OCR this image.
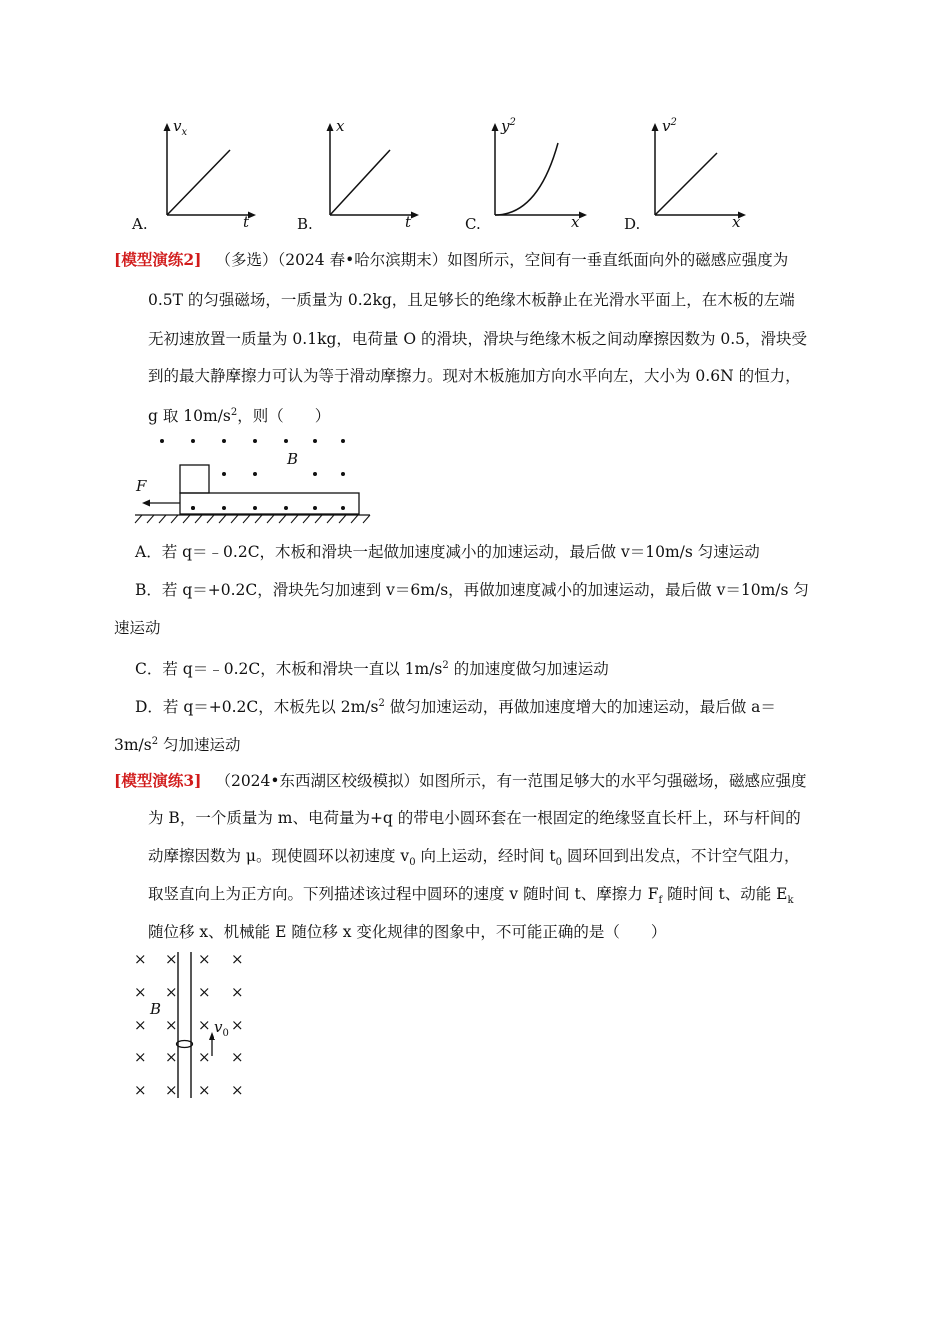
A.
$v_x$
t	B.
x
t	C.
$y^2$
x	D.
$v^2$
x
[模型演练2] （多选）（2024 春•哈尔滨期末）如图所示，空间有一垂直纸面向外的磁感应强度为
0.5T 的匀强磁场，一质量为 0.2kg，且足够长的绝缘木板静止在光滑水平面上，在木板的左端
无初速放置一质量为 0.1kg，电荷量 O 的滑块，滑块与绝缘木板之间动摩擦因数为 0.5，滑块受
到的最大静摩擦力可认为等于滑动摩擦力。现对木板施加方向水平向左，大小为 0.6N 的恒力，
g 取 $10m/s^2$，则（　　）
B
F
A．若 q＝﹣0.2C，木板和滑块一起做加速度减小的加速运动，最后做 v＝10m/s 匀速运动
B．若 q＝+0.2C，滑块先匀加速到 v＝6m/s，再做加速度减小的加速运动，最后做 v＝10m/s 匀
速运动
C．若 q＝﹣0.2C，木板和滑块一直以 $1m/s^2$ 的加速度做匀加速运动
D．若 q＝+0.2C，木板先以 $2m/s^2$ 做匀加速运动，再做加速度增大的加速运动，最后做 a＝
$3m/s^2$ 匀加速运动
[模型演练3] （2024•东西湖区校级模拟）如图所示，有一范围足够大的水平匀强磁场，磁感应强度
为 B，一个质量为 m、电荷量为+q 的带电小圆环套在一根固定的绝缘竖直长杆上，环与杆间的
动摩擦因数为 μ。现使圆环以初速度 $v_0$ 向上运动，经时间 $t_0$ 圆环回到出发点，不计空气阻力，
取竖直向上为正方向。下列描述该过程中圆环的速度 v 随时间 t、摩擦力 $F_f$ 随时间 t、动能 $E_k$
随位移 x、机械能 E 随位移 x 变化规律的图象中，不可能正确的是（　　）
× × × ×
× × × ×
× × × ×
× × × ×
× × × ×
B
$v_0$
